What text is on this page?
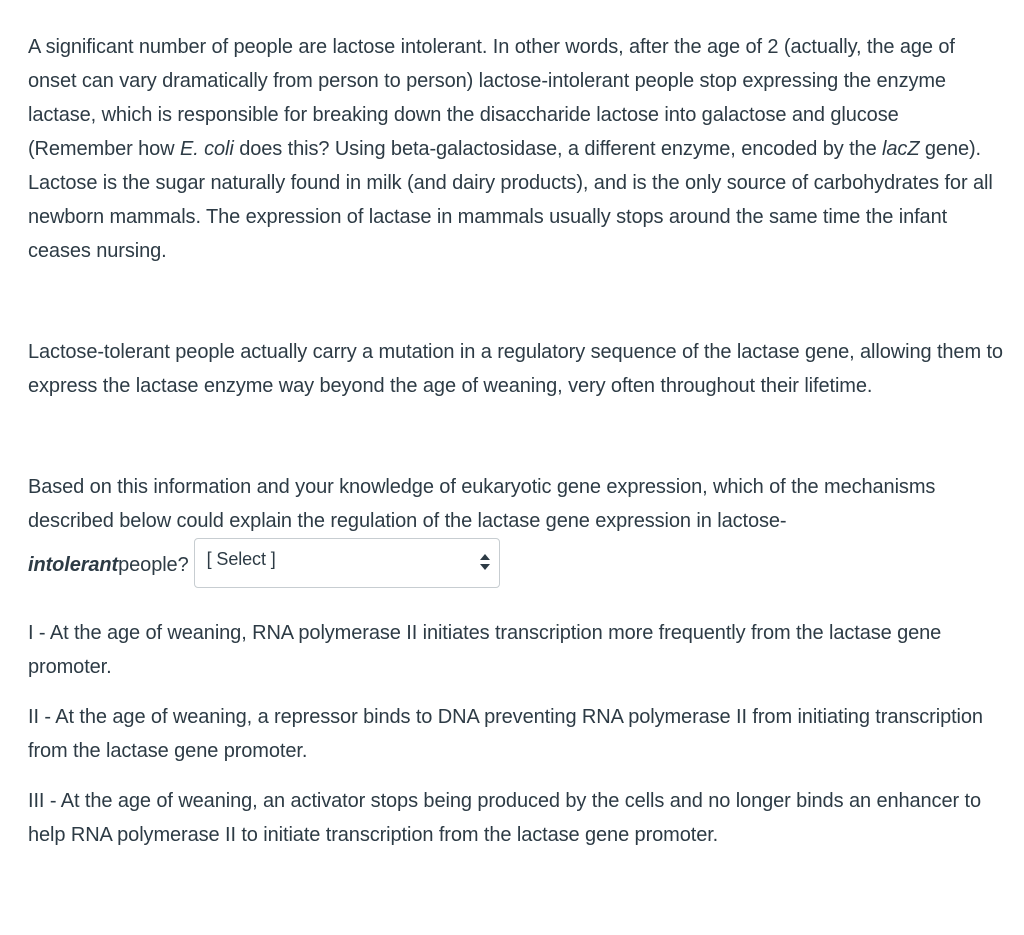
A significant number of people are lactose intolerant. In other words, after the age of 2 (actually, the age of onset can vary dramatically from person to person) lactose-intolerant people stop expressing the enzyme lactase, which is responsible for breaking down the disaccharide lactose into galactose and glucose (Remember how E. coli does this? Using beta-galactosidase, a different enzyme, encoded by the lacZ gene). Lactose is the sugar naturally found in milk (and dairy products), and is the only source of carbohydrates for all newborn mammals. The expression of lactase in mammals usually stops around the same time the infant ceases nursing.

Lactose-tolerant people actually carry a mutation in a regulatory sequence of the lactase gene, allowing them to express the lactase enzyme way beyond the age of weaning, very often throughout their lifetime.

Based on this information and your knowledge of eukaryotic gene expression, which of the mechanisms described below could explain the regulation of the lactase gene expression in lactose-
intolerant people? [ Select ]

I - At the age of weaning, RNA polymerase II initiates transcription more frequently from the lactase gene promoter.

II - At the age of weaning, a repressor binds to DNA preventing RNA polymerase II from initiating transcription from the lactase gene promoter.

III - At the age of weaning, an activator stops being produced by the cells and no longer binds an enhancer to help RNA polymerase II to initiate transcription from the lactase gene promoter.
